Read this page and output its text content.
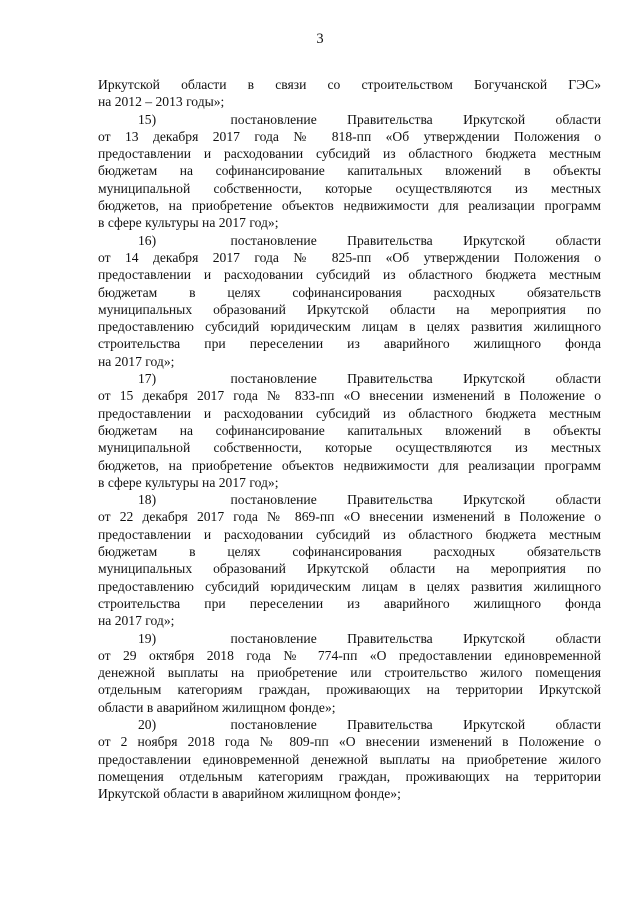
3
Иркутской области в связи со строительством Богучанской ГЭС»
на 2012 – 2013 годы»;
15)	постановление Правительства Иркутской области
от 13 декабря 2017 года № 818-пп «Об утверждении Положения о
предоставлении и расходовании субсидий из областного бюджета местным
бюджетам на софинансирование капитальных вложений в объекты
муниципальной собственности, которые осуществляются из местных
бюджетов, на приобретение объектов недвижимости для реализации программ
в сфере культуры на 2017 год»;
16)	постановление Правительства Иркутской области
от 14 декабря 2017 года № 825-пп «Об утверждении Положения о
предоставлении и расходовании субсидий из областного бюджета местным
бюджетам в целях софинансирования расходных обязательств
муниципальных образований Иркутской области на мероприятия по
предоставлению субсидий юридическим лицам в целях развития жилищного
строительства при переселении из аварийного жилищного фонда
на 2017 год»;
17)	постановление Правительства Иркутской области
от 15 декабря 2017 года № 833-пп «О внесении изменений в Положение о
предоставлении и расходовании субсидий из областного бюджета местным
бюджетам на софинансирование капитальных вложений в объекты
муниципальной собственности, которые осуществляются из местных
бюджетов, на приобретение объектов недвижимости для реализации программ
в сфере культуры на 2017 год»;
18)	постановление Правительства Иркутской области
от 22 декабря 2017 года № 869-пп «О внесении изменений в Положение о
предоставлении и расходовании субсидий из областного бюджета местным
бюджетам в целях софинансирования расходных обязательств
муниципальных образований Иркутской области на мероприятия по
предоставлению субсидий юридическим лицам в целях развития жилищного
строительства при переселении из аварийного жилищного фонда
на 2017 год»;
19)	постановление Правительства Иркутской области
от 29 октября 2018 года № 774-пп «О предоставлении единовременной
денежной выплаты на приобретение или строительство жилого помещения
отдельным категориям граждан, проживающих на территории Иркутской
области в аварийном жилищном фонде»;
20)	постановление Правительства Иркутской области
от 2 ноября 2018 года № 809-пп «О внесении изменений в Положение о
предоставлении единовременной денежной выплаты на приобретение жилого
помещения отдельным категориям граждан, проживающих на территории
Иркутской области в аварийном жилищном фонде»;
